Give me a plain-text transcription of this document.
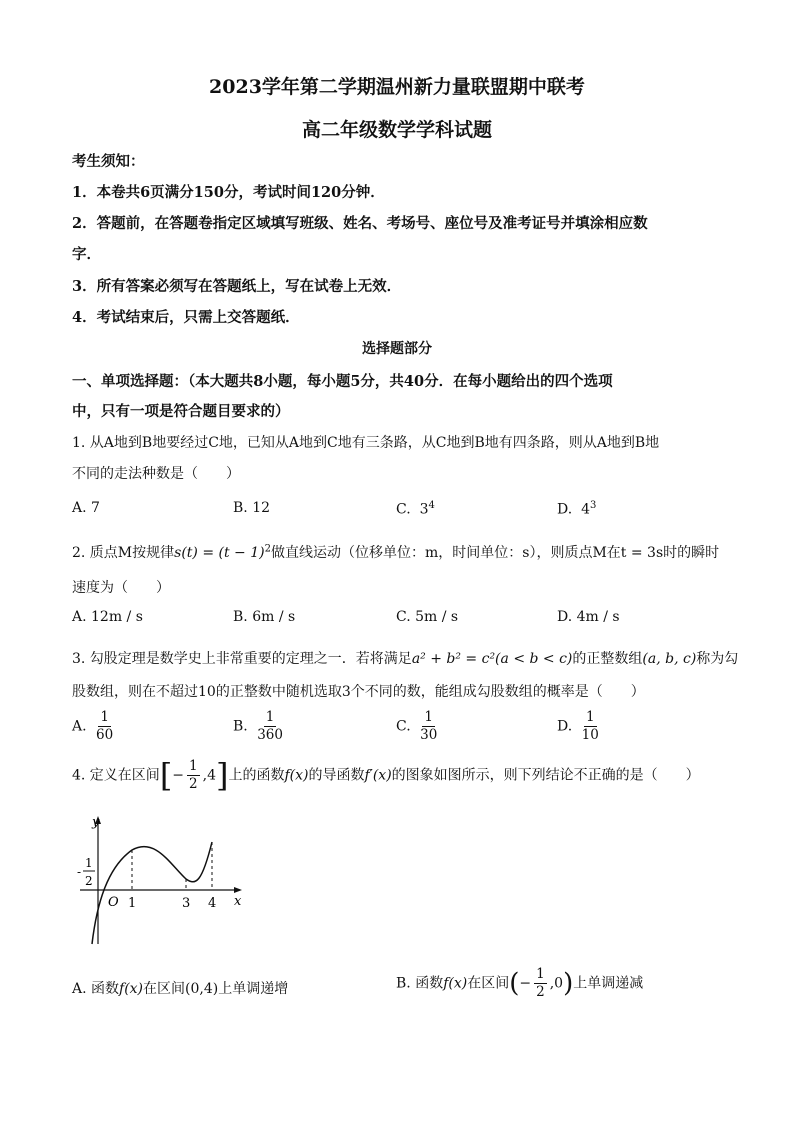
2023学年第二学期温州新力量联盟期中联考
高二年级数学学科试题
考生须知：
1．本卷共6页满分150分，考试时间120分钟．
2．答题前，在答题卷指定区域填写班级、姓名、考场号、座位号及准考证号并填涂相应数
字．
3．所有答案必须写在答题纸上，写在试卷上无效．
4．考试结束后，只需上交答题纸．
选择题部分
一、单项选择题：（本大题共8小题，每小题5分，共40分．在每小题给出的四个选项
中，只有一项是符合题目要求的）
1. 从A地到B地要经过C地，已知从A地到C地有三条路，从C地到B地有四条路，则从A地到B地
不同的走法种数是（　　）
A. 7	B. 12	C. $3^4$	D. $4^3$
2. 质点M按规律$s(t) = (t - 1)^2$做直线运动（位移单位：m，时间单位：s），则质点M在t = 3s时的瞬时
速度为（　　）
A. 12m / s	B. 6m / s	C. 5m / s	D. 4m / s
3. 勾股定理是数学史上非常重要的定理之一．若将满足a² + b² = c²(a < b < c)的正整数组(a, b, c)称为勾
股数组，则在不超过10的正整数中随机选取3个不同的数，能组成勾股数组的概率是（　　）
A. $\frac{1}{60}$	B. $\frac{1}{360}$	C. $\frac{1}{30}$	D. $\frac{1}{10}$
4. 定义在区间[− $\frac{1}{2} ,4$]上的函数f(x)的导函数f′(x)的图象如图所示，则下列结论不正确的是（　　）
y
x
O 1	3 4
-
1
2
A. 函数f(x)在区间(0,4)上单调递增	B. 函数f(x)在区间(− $\frac{1}{2} ,0$)上单调递减
